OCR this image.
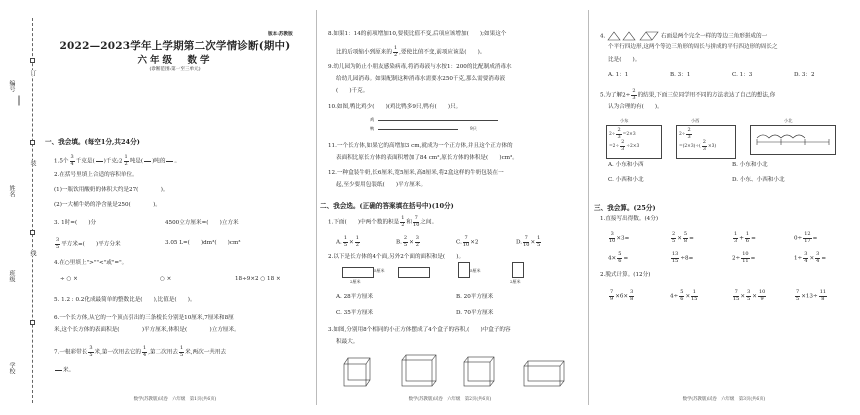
编号
姓名
班级
学校
订
装
线
版本:苏教版
2022—2023学年上学期第二次学情诊断(期中)
六年级　数学
(诊断范围:第一至三单元)
一、我会填。(每空1分,共24分)
1.5个 $\frac{3}{4}$ 千克是(

　 )千克;2 $\frac{1}{2}$ 吨是(

　 )吨的

　 。
2.在括号里填上合适的容积单位。
(1)一瓶饮用酸奶的体积大约是27(　　　　)。
(2)一大桶牛奶的净含量是250(　　　　)。
3. 1时=(　　)分	4500立方厘米=(　　)立方米
$\frac{3}{5}$ 平方米=(　　)平方分米	3.05 L=(　　)dm³(　　)cm³
4.在○里填上">""<"或"="。
÷ ○ ×	○ ×	18÷9×2 ○ 18 ×
5. 1.2 : 0.2化成最简单的整数比是(　　),比值是(　　)。
6.一个长方体,从它的一个顶点引出的三条棱长分别是10厘米,7厘米和8厘
米,这个长方体的表面积是(　　　　)平方厘米,体积是(　　　　)立方厘米。
7.一根彩带长 $\frac{3}{5}$ 米,第一次用去它的 $\frac{1}{4}$ ,第二次用去 $\frac{1}{5}$ 米,两次一共用去

米。
数学(苏教版)试卷　六年级　第1页(共6页)
8.如果1：14的前项增加10,要使比值不变,后项应该增加(　　);如果这个
比的后项缩小到原来的 $\frac{1}{2}$ ,要使比值不变,前项应该是(　　)。
9.幼儿园为防止小朋友感染病毒,将消毒液与水按1：200的比配制成消毒水
给幼儿园消毒。如果配制这种消毒水需要水250千克,那么需要消毒液
(　　)千克。
10.如图,鸭比鸡少(　　)(鸡比鸭多9只,鸭有(　　)只。
鸡
鸭	9只
11.一个长方体,如果它的高增加3 cm,就成为一个正方体,并且这个正方体的
表面积比原长方体的表面积增加了84 cm²,原长方体的体积是(　　)cm³。
12.一种盒装牛奶,长6厘米,宽5厘米,高8厘米,将2盒这样的牛奶包装在一
起,至少要用包装纸(　　)平方厘米。
二、我会选。(正确的答案填在括号中)(10分)
1.下面(　　)中两个数的积是 $\frac{1}{2}$ 和 $\frac{7}{10}$ 之间。
A. $\frac{1}{5} \times \frac{1}{2}$	B. $\frac{2}{5} \times \frac{3}{2}$	C. $\frac{7}{10} \times 2$	D. $\frac{7}{10} \times \frac{1}{5}$
2.以下是长方体的4个面,另外2个面的面积和是(　　)。
5厘米
2厘米
5厘米
2厘米
A. 28平方厘米	B. 20平方厘米
C. 35平方厘米	D. 70平方厘米
3.如图,分别用8个相同的小正方体摆成了4个盒子的容积,(　　)中盒子的容
积最大。
数学(苏教版)试卷　六年级　第2页(共6页)
4.	右面是两个完全一样的等边三角形拼成的一
个平行四边形,这两个等边三角形的周长与拼成的平行四边形的周长之
比是(　　)。
A. 1：1	B. 3：1	C. 1：3	D. 3：2
5.为了解$2\div \frac{2}{3}$ 的结果,下面三位同学用不同的方法表达了自己的想法,你
认为合理的有(　　)。
小东
$2\div \frac{2}{3} =2\times 3$
$=2\div \frac{2}{3} \div 2\times 3$
小西
$2\div \frac{2}{3}$
$=(2\times 3)\div( \frac{2}{3} \times 3)$
小北
A. 小东和小西	B. 小东和小北
C. 小西和小北	D. 小东、小西和小北
三、我会算。(25分)
1.直接写出得数。(4分)
$\frac{3}{10} \times 3=$	$\frac{2}{5} \times \frac{5}{8}$ =	$\frac{1}{3} + \frac{1}{6}$ =	$0\div \frac{12}{17}$ =
$4\times \frac{5}{6}$ =	$\frac{13}{15} \div 8=$	$2\div \frac{10}{11}$ =	$1\div \frac{3}{4} \times \frac{3}{4}$ =
2.脱式计算。(12分)
$\frac{7}{9} \times 6\times \frac{3}{8}$	$4\div \frac{5}{6} \times \frac{1}{15}$	$\frac{7}{15} \times \frac{3}{5} \times \frac{10}{9}$	$\frac{7}{5} \times 13\div \frac{11}{8}$
数学(苏教版)试卷　六年级　第3页(共6页)
